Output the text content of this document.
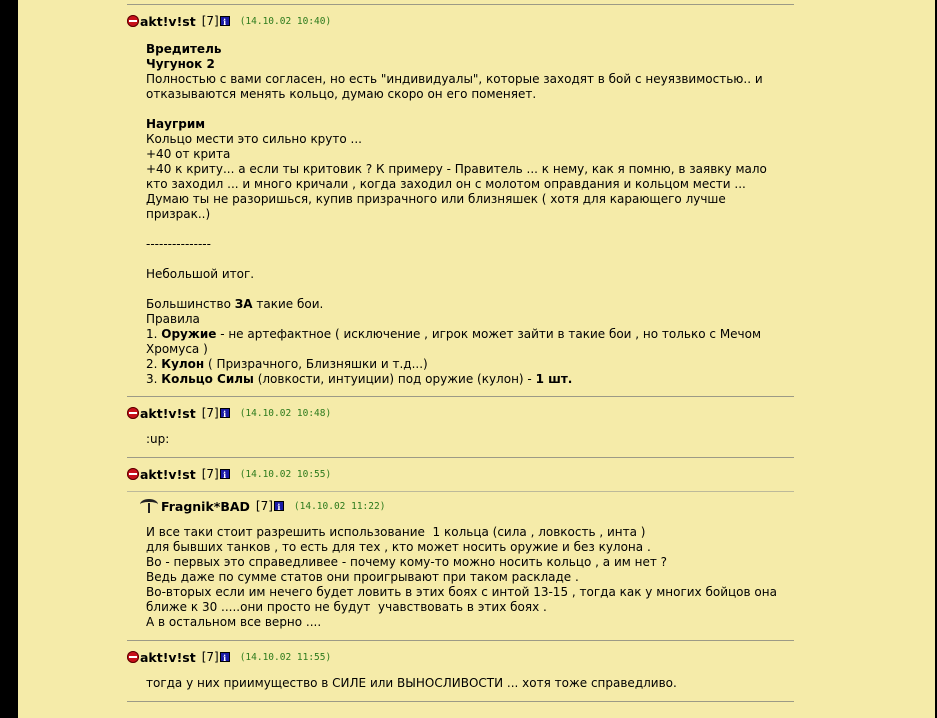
akt!v!st [7] i	(14.10.02 10:40)
Вредитель
Чугунок 2
Полностью с вами согласен, но есть "индивидуалы", которые заходят в бой с неуязвимостью.. и
отказываются менять кольцо, думаю скоро он его поменяет.
Наугрим
Кольцо мести это сильно круто ...
+40 от крита
+40 к криту... а если ты критовик ? К примеру - Правитель ... к нему, как я помню, в заявку мало
кто заходил ... и много кричали , когда заходил он с молотом оправдания и кольцом мести ...
Думаю ты не разоришься, купив призрачного или близняшек ( хотя для карающего лучше
призрак..)
---------------
Небольшой итог.
Большинство ЗА такие бои.
Правила
1. Оружие - не артефактное ( исключение , игрок может зайти в такие бои , но только с Мечом
Хромуса )
2. Кулон ( Призрачного, Близняшки и т.д...)
3. Кольцо Силы (ловкости, интуиции) под оружие (кулон) - 1 шт.
akt!v!st [7] i	(14.10.02 10:48)
:up:
akt!v!st [7] i	(14.10.02 10:55)
Fragnik*BAD [7] i	(14.10.02 11:22)
И все таки стоит разрешить использование  1 кольца (сила , ловкость , инта )
для бывших танков , то есть для тех , кто может носить оружие и без кулона .
Во - первых это справедливее - почему кому-то можно носить кольцо , а им нет ?
Ведь даже по сумме статов они проигрывают при таком раскладе .
Во-вторых если им нечего будет ловить в этих боях с интой 13-15 , тогда как у многих бойцов она
ближе к 30 .....они просто не будут  учавствовать в этих боях .
А в остальном все верно ....
akt!v!st [7] i	(14.10.02 11:55)
тогда у них приимущество в СИЛЕ или ВЫНОСЛИВОСТИ ... хотя тоже справедливо.
